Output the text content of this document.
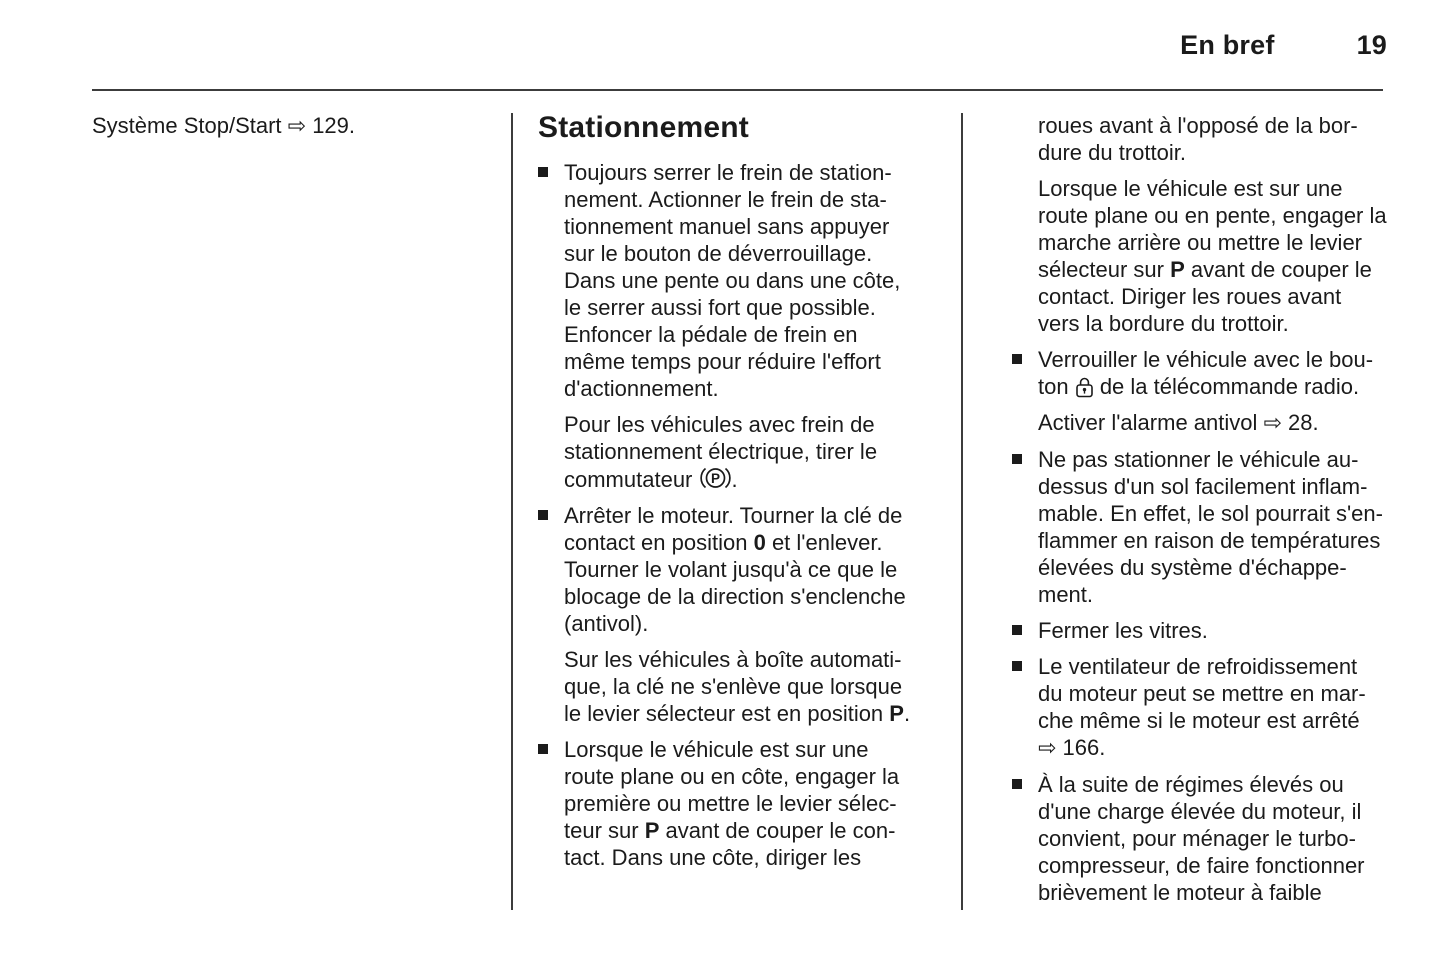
En bref	19
Système Stop/Start ⇨ 129.	Stationnement
Toujours serrer le frein de station-
nement. Actionner le frein de sta-
tionnement manuel sans appuyer
sur le bouton de déverrouillage.
Dans une pente ou dans une côte,
le serrer aussi fort que possible.
Enfoncer la pédale de frein en
même temps pour réduire l'effort
d'actionnement.
Pour les véhicules avec frein de
stationnement électrique, tirer le
commutateur P .
Arrêter le moteur. Tourner la clé de
contact en position 0 et l'enlever.
Tourner le volant jusqu'à ce que le
blocage de la direction s'enclenche
(antivol).
Sur les véhicules à boîte automati-
que, la clé ne s'enlève que lorsque
le levier sélecteur est en position P.
Lorsque le véhicule est sur une
route plane ou en côte, engager la
première ou mettre le levier sélec-
teur sur P avant de couper le con-
tact. Dans une côte, diriger les
roues avant à l'opposé de la bor-
dure du trottoir.
Lorsque le véhicule est sur une
route plane ou en pente, engager la
marche arrière ou mettre le levier
sélecteur sur P avant de couper le
contact. Diriger les roues avant
vers la bordure du trottoir.
Verrouiller le véhicule avec le bou-
ton  de la télécommande radio.
Activer l'alarme antivol ⇨ 28.
Ne pas stationner le véhicule au-
dessus d'un sol facilement inflam-
mable. En effet, le sol pourrait s'en-
flammer en raison de températures
élevées du système d'échappe-
ment.
Fermer les vitres.
Le ventilateur de refroidissement
du moteur peut se mettre en mar-
che même si le moteur est arrêté
⇨ 166.
À la suite de régimes élevés ou
d'une charge élevée du moteur, il
convient, pour ménager le turbo-
compresseur, de faire fonctionner
brièvement le moteur à faible
